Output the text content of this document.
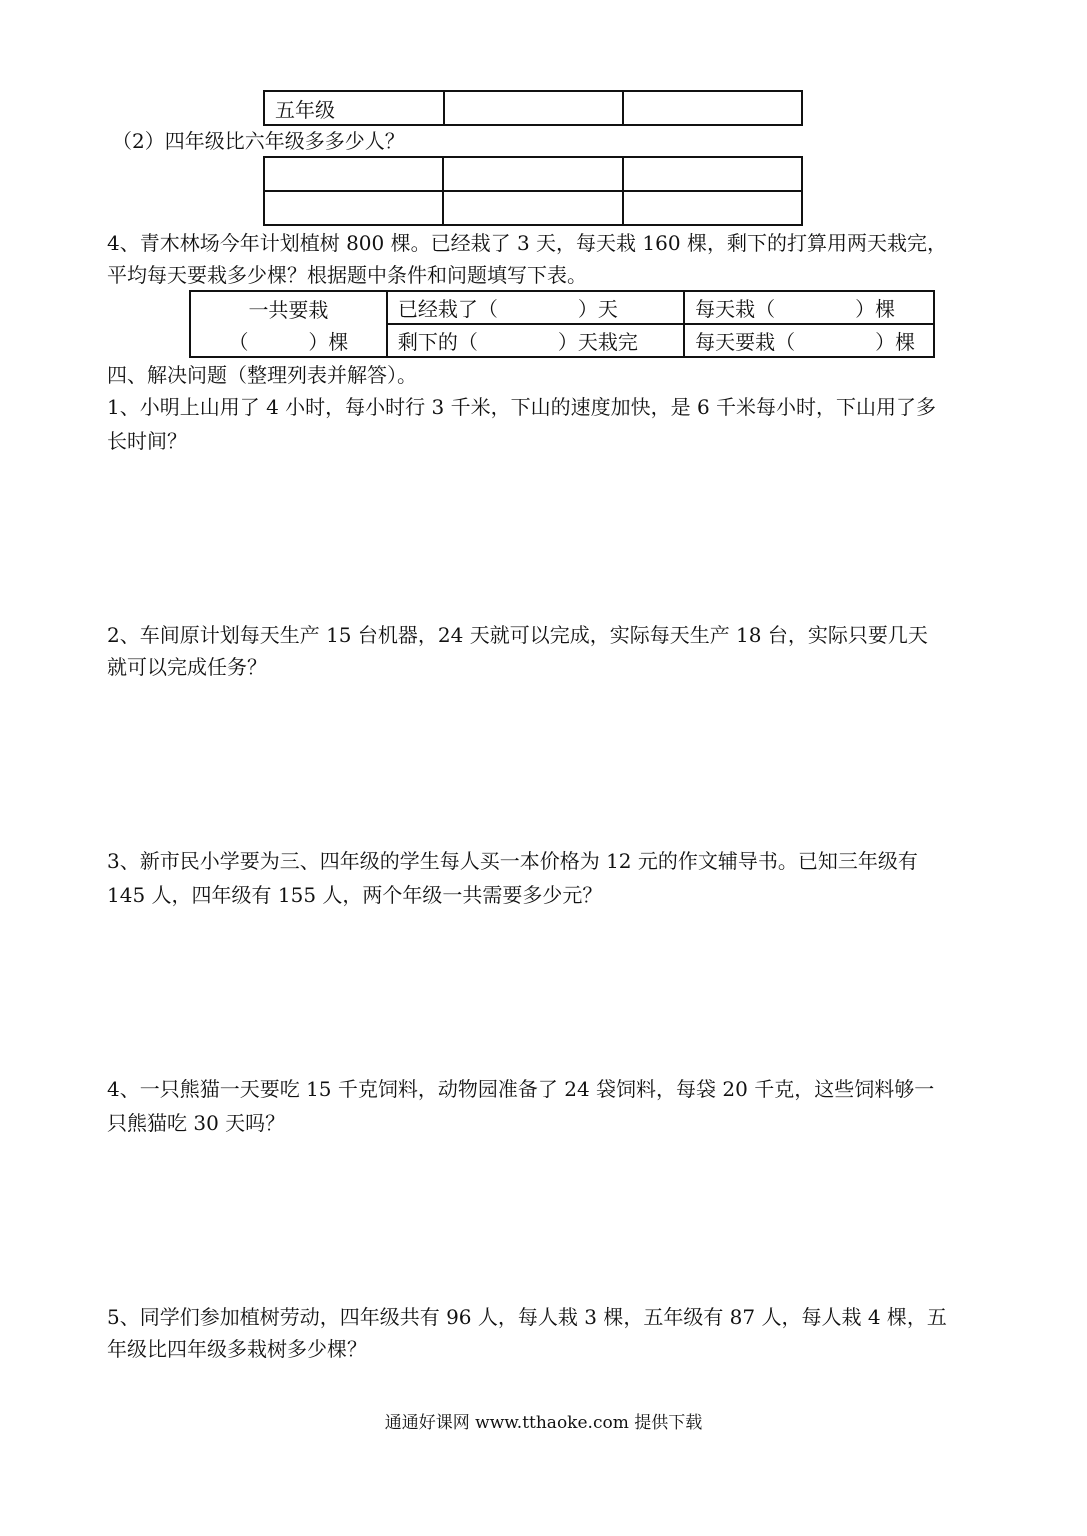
五年级		
（2）四年级比六年级多多少人？

4、青木林场今年计划植树 800 棵。已经栽了 3 天，每天栽 160 棵，剩下的打算用两天栽完，
平均每天要栽多少棵？根据题中条件和问题填写下表。
一共要栽	已经栽了（　　　　）天	每天栽（　　　　）棵
（　　　）棵	剩下的（　　　　）天栽完	每天要栽（　　　　）棵
四、解决问题（整理列表并解答）。
1、小明上山用了 4 小时，每小时行 3 千米，下山的速度加快，是 6 千米每小时，下山用了多
长时间？
2、车间原计划每天生产 15 台机器，24 天就可以完成，实际每天生产 18 台，实际只要几天
就可以完成任务？
3、新市民小学要为三、四年级的学生每人买一本价格为 12 元的作文辅导书。已知三年级有
145 人，四年级有 155 人，两个年级一共需要多少元？
4、一只熊猫一天要吃 15 千克饲料，动物园准备了 24 袋饲料，每袋 20 千克，这些饲料够一
只熊猫吃 30 天吗？
5、同学们参加植树劳动，四年级共有 96 人，每人栽 3 棵，五年级有 87 人，每人栽 4 棵，五
年级比四年级多栽树多少棵？
通通好课网 www.tthaoke.com 提供下载
